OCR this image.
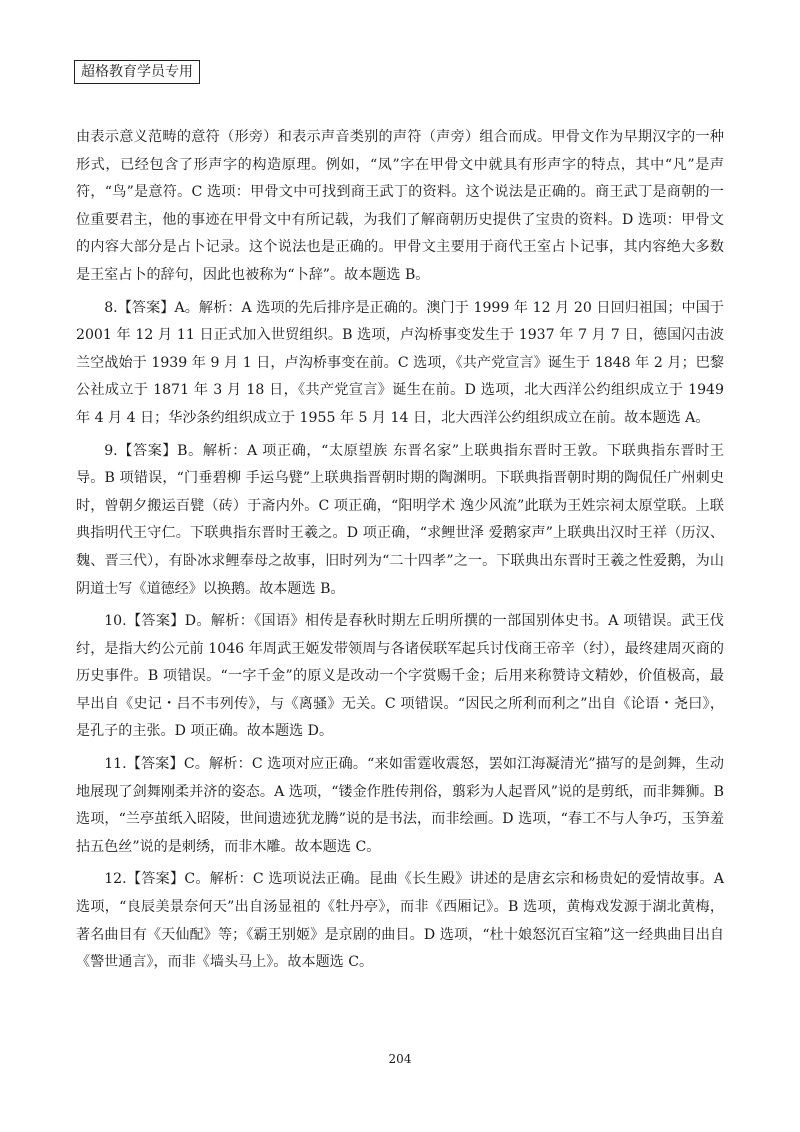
超格教育学员专用

由表示意义范畴的意符（形旁）和表示声音类别的声符（声旁）组合而成。甲骨文作为早期汉字的一种形式，已经包含了形声字的构造原理。例如，“凤”字在甲骨文中就具有形声字的特点，其中“凡”是声符，“鸟”是意符。C 选项：甲骨文中可找到商王武丁的资料。这个说法是正确的。商王武丁是商朝的一位重要君主，他的事迹在甲骨文中有所记载，为我们了解商朝历史提供了宝贵的资料。D 选项：甲骨文的内容大部分是占卜记录。这个说法也是正确的。甲骨文主要用于商代王室占卜记事，其内容绝大多数是王室占卜的辞句，因此也被称为“卜辞”。故本题选 B。

8.【答案】A。解析：A 选项的先后排序是正确的。澳门于 1999 年 12 月 20 日回归祖国；中国于 2001 年 12 月 11 日正式加入世贸组织。B 选项，卢沟桥事变发生于 1937 年 7 月 7 日，德国闪击波兰空战始于 1939 年 9 月 1 日，卢沟桥事变在前。C 选项，《共产党宣言》诞生于 1848 年 2 月；巴黎公社成立于 1871 年 3 月 18 日，《共产党宣言》诞生在前。D 选项，北大西洋公约组织成立于 1949 年 4 月 4 日；华沙条约组织成立于 1955 年 5 月 14 日，北大西洋公约组织成立在前。故本题选 A。

9.【答案】B。解析：A 项正确，“太原望族 东晋名家”上联典指东晋时王敦。下联典指东晋时王导。B 项错误，“门垂碧柳 手运乌甓”上联典指晋朝时期的陶渊明。下联典指晋朝时期的陶侃任广州刺史时，曾朝夕搬运百甓（砖）于斋内外。C 项正确，“阳明学术 逸少风流”此联为王姓宗祠太原堂联。上联典指明代王守仁。下联典指东晋时王羲之。D 项正确，“求鲤世泽 爱鹅家声”上联典出汉时王祥（历汉、魏、晋三代），有卧冰求鲤奉母之故事，旧时列为“二十四孝”之一。下联典出东晋时王羲之性爱鹅，为山阴道士写《道德经》以换鹅。故本题选 B。

10.【答案】D。解析：《国语》相传是春秋时期左丘明所撰的一部国别体史书。A 项错误。武王伐纣，是指大约公元前 1046 年周武王姬发带领周与各诸侯联军起兵讨伐商王帝辛（纣），最终建周灭商的历史事件。B 项错误。“一字千金”的原义是改动一个字赏赐千金；后用来称赞诗文精妙，价值极高，最早出自《史记・吕不韦列传》，与《离骚》无关。C 项错误。“因民之所利而利之”出自《论语・尧曰》，是孔子的主张。D 项正确。故本题选 D。

11.【答案】C。解析：C 选项对应正确。“来如雷霆收震怒，罢如江海凝清光”描写的是剑舞，生动地展现了剑舞刚柔并济的姿态。A 选项，“镂金作胜传荆俗，翦彩为人起晋风”说的是剪纸，而非舞狮。B 选项，“兰亭茧纸入昭陵，世间遗迹犹龙腾”说的是书法，而非绘画。D 选项，“春工不与人争巧，玉笋羞拈五色丝”说的是刺绣，而非木雕。故本题选 C。

12.【答案】C。解析：C 选项说法正确。昆曲《长生殿》讲述的是唐玄宗和杨贵妃的爱情故事。A 选项，“良辰美景奈何天”出自汤显祖的《牡丹亭》，而非《西厢记》。B 选项，黄梅戏发源于湖北黄梅，著名曲目有《天仙配》等；《霸王别姬》是京剧的曲目。D 选项，“杜十娘怒沉百宝箱”这一经典曲目出自《警世通言》，而非《墙头马上》。故本题选 C。

204
